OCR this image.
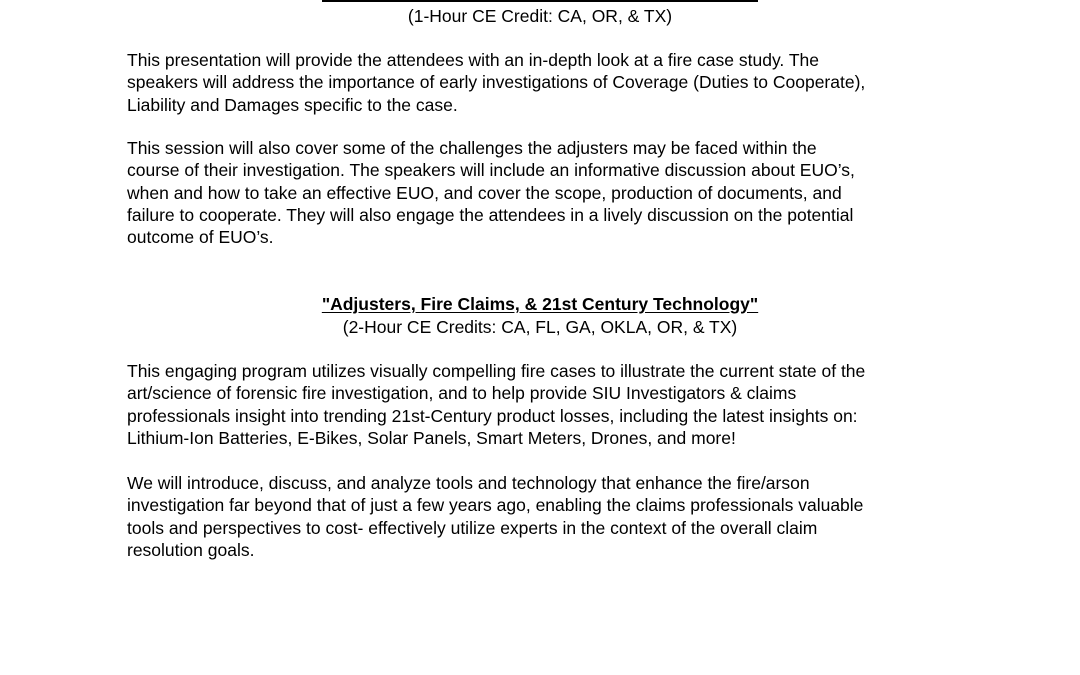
(1-Hour CE Credit: CA, OR, & TX)
This presentation will provide the attendees with an in-depth look at a fire case study. The
speakers will address the importance of early investigations of Coverage (Duties to Cooperate),
Liability and Damages specific to the case.
This session will also cover some of the challenges the adjusters may be faced within the
course of their investigation. The speakers will include an informative discussion about EUO’s,
when and how to take an effective EUO, and cover the scope, production of documents, and
failure to cooperate. They will also engage the attendees in a lively discussion on the potential
outcome of EUO’s.
"Adjusters, Fire Claims, & 21st Century Technology"
(2-Hour CE Credits: CA, FL, GA, OKLA, OR, & TX)
This engaging program utilizes visually compelling fire cases to illustrate the current state of the
art/science of forensic fire investigation, and to help provide SIU Investigators & claims
professionals insight into trending 21st-Century product losses, including the latest insights on:
Lithium-Ion Batteries, E-Bikes, Solar Panels, Smart Meters, Drones, and more!
We will introduce, discuss, and analyze tools and technology that enhance the fire/arson
investigation far beyond that of just a few years ago, enabling the claims professionals valuable
tools and perspectives to cost- effectively utilize experts in the context of the overall claim
resolution goals.
